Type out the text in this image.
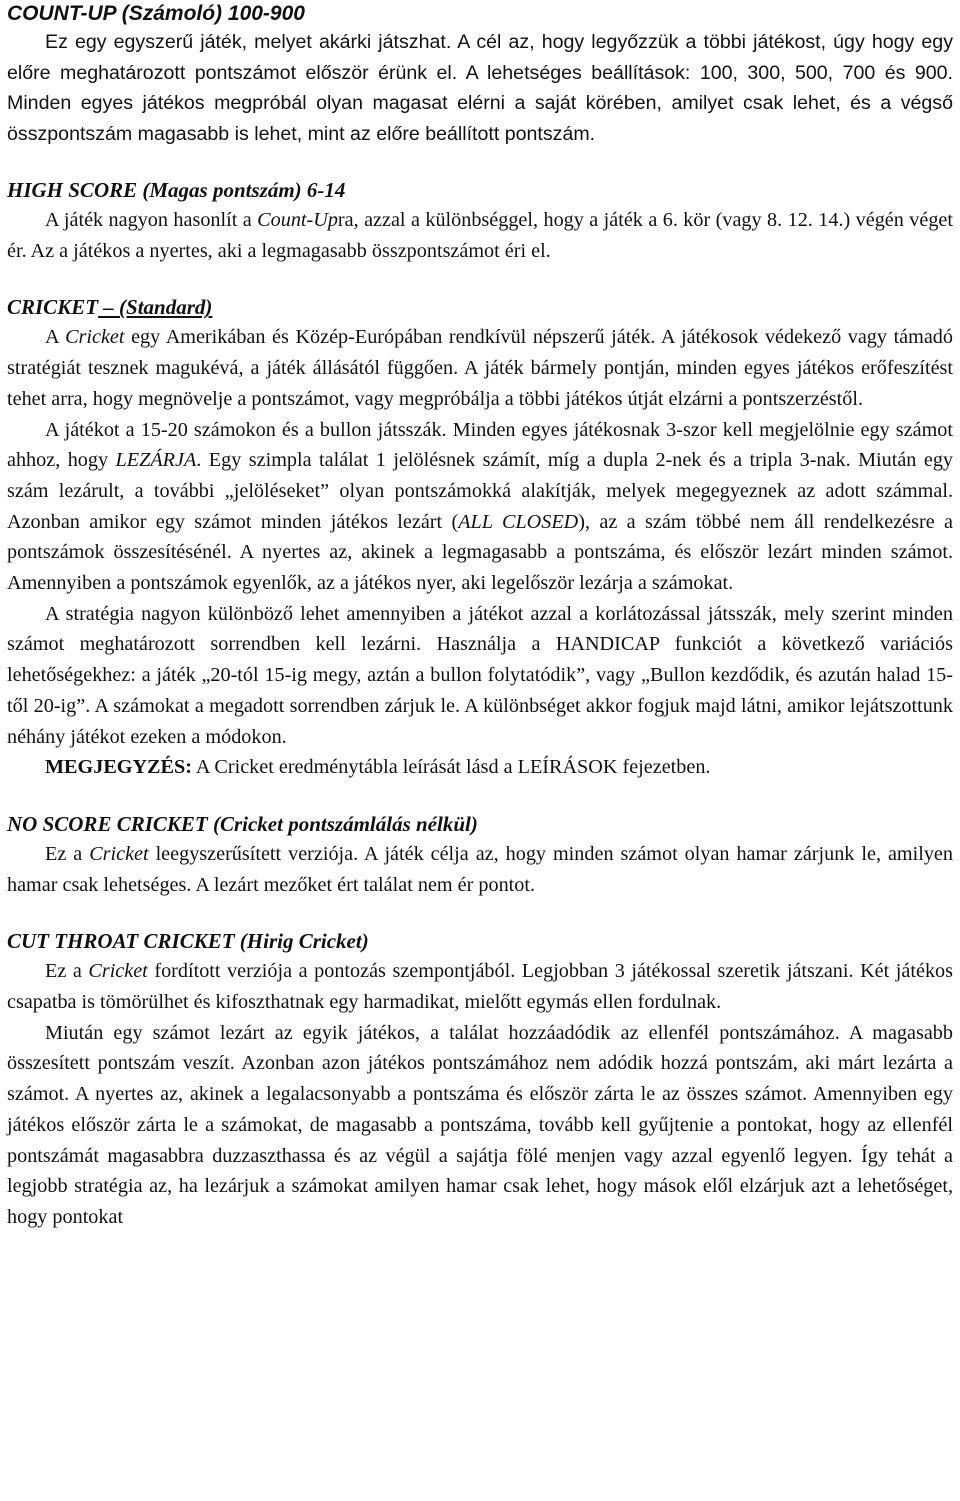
COUNT-UP (Számoló) 100-900

Ez egy egyszerű játék, melyet akárki játszhat. A cél az, hogy legyőzzük a többi játékost, úgy hogy egy előre meghatározott pontszámot először érünk el. A lehetséges beállítások: 100, 300, 500, 700 és 900. Minden egyes játékos megpróbál olyan magasat elérni a saját körében, amilyet csak lehet, és a végső összpontszám magasabb is lehet, mint az előre beállított pontszám.

HIGH SCORE (Magas pontszám) 6-14

A játék nagyon hasonlít a Count-Upra, azzal a különbséggel, hogy a játék a 6. kör (vagy 8. 12. 14.) végén véget ér. Az a játékos a nyertes, aki a legmagasabb összpontszámot éri el.

CRICKET – (Standard)

A Cricket egy Amerikában és Közép-Európában rendkívül népszerű játék. A játékosok védekező vagy támadó stratégiát tesznek magukévá, a játék állásától függően. A játék bármely pontján, minden egyes játékos erőfeszítést tehet arra, hogy megnövelje a pontszámot, vagy megpróbálja a többi játékos útját elzárni a pontszerzéstől.

A játékot a 15-20 számokon és a bullon játsszák. Minden egyes játékosnak 3-szor kell megjelölnie egy számot ahhoz, hogy LEZÁRJA. Egy szimpla találat 1 jelölésnek számít, míg a dupla 2-nek és a tripla 3-nak. Miután egy szám lezárult, a további „jelöléseket” olyan pontszámokká alakítják, melyek megegyeznek az adott számmal. Azonban amikor egy számot minden játékos lezárt (ALL CLOSED), az a szám többé nem áll rendelkezésre a pontszámok összesítésénél. A nyertes az, akinek a legmagasabb a pontszáma, és először lezárt minden számot. Amennyiben a pontszámok egyenlők, az a játékos nyer, aki legelőször lezárja a számokat.

A stratégia nagyon különböző lehet amennyiben a játékot azzal a korlátozással játsszák, mely szerint minden számot meghatározott sorrendben kell lezárni. Használja a HANDICAP funkciót a következő variációs lehetőségekhez: a játék „20-tól 15-ig megy, aztán a bullon folytatódik”, vagy „Bullon kezdődik, és azután halad 15-től 20-ig”. A számokat a megadott sorrendben zárjuk le. A különbséget akkor fogjuk majd látni, amikor lejátszottunk néhány játékot ezeken a módokon.

MEGJEGYZÉS: A Cricket eredménytábla leírását lásd a LEÍRÁSOK fejezetben.

NO SCORE CRICKET (Cricket pontszámlálás nélkül)

Ez a Cricket leegyszerűsített verziója. A játék célja az, hogy minden számot olyan hamar zárjunk le, amilyen hamar csak lehetséges. A lezárt mezőket ért találat nem ér pontot.

CUT THROAT CRICKET (Hirig Cricket)

Ez a Cricket fordított verziója a pontozás szempontjából. Legjobban 3 játékossal szeretik játszani. Két játékos csapatba is tömörülhet és kifoszthatnak egy harmadikat, mielőtt egymás ellen fordulnak.

Miután egy számot lezárt az egyik játékos, a találat hozzáadódik az ellenfél pontszámához. A magasabb összesített pontszám veszít. Azonban azon játékos pontszámához nem adódik hozzá pontszám, aki márt lezárta a számot. A nyertes az, akinek a legalacsonyabb a pontszáma és először zárta le az összes számot. Amennyiben egy játékos először zárta le a számokat, de magasabb a pontszáma, tovább kell gyűjtenie a pontokat, hogy az ellenfél pontszámát magasabbra duzzaszthassa és az végül a sajátja fölé menjen vagy azzal egyenlő legyen. Így tehát a legjobb stratégia az, ha lezárjuk a számokat amilyen hamar csak lehet, hogy mások elől elzárjuk azt a lehetőséget, hogy pontokat
